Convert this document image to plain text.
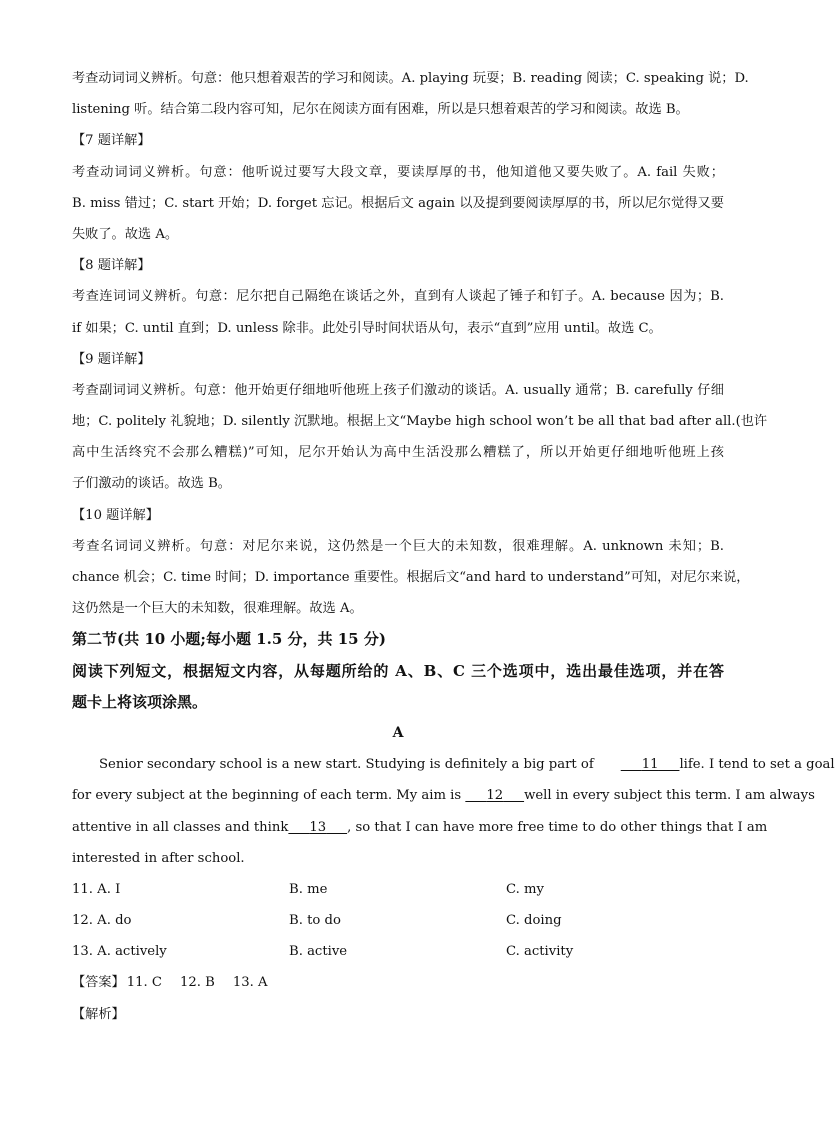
考查动词词义辨析。句意：他只想着艰苦的学习和阅读。A. playing 玩耍；B. reading 阅读；C. speaking 说；D.
listening 听。结合第二段内容可知，尼尔在阅读方面有困难，所以是只想着艰苦的学习和阅读。故选 B。
【7 题详解】
考查动词词义辨析。句意：他听说过要写大段文章，要读厚厚的书，他知道他又要失败了。A. fail 失败；
B. miss 错过；C. start 开始；D. forget 忘记。根据后文 again 以及提到要阅读厚厚的书，所以尼尔觉得又要
失败了。故选 A。
【8 题详解】
考查连词词义辨析。句意：尼尔把自己隔绝在谈话之外，直到有人谈起了锤子和钉子。A. because 因为；B.
if 如果；C. until 直到；D. unless 除非。此处引导时间状语从句，表示“直到”应用 until。故选 C。
【9 题详解】
考查副词词义辨析。句意：他开始更仔细地听他班上孩子们激动的谈话。A. usually 通常；B. carefully 仔细
地；C. politely 礼貌地；D. silently 沉默地。根据上文“Maybe high school won’t be all that bad after all.(也许
高中生活终究不会那么糟糕)”可知，尼尔开始认为高中生活没那么糟糕了，所以开始更仔细地听他班上孩
子们激动的谈话。故选 B。
【10 题详解】
考查名词词义辨析。句意：对尼尔来说，这仍然是一个巨大的未知数，很难理解。A. unknown 未知；B.
chance 机会；C. time 时间；D. importance 重要性。根据后文“and hard to understand”可知，对尼尔来说，
这仍然是一个巨大的未知数，很难理解。故选 A。
第二节(共 10 小题;每小题 1.5 分，共 15 分)
阅读下列短文，根据短文内容，从每题所给的 A、B、C 三个选项中，选出最佳选项，并在答
题卡上将该项涂黑。
A
Senior secondary school is a new start. Studying is definitely a big part of	11 life. I tend to set a goal
for every subject at the beginning of each term. My aim is 12 well in every subject this term. I am always
attentive in all classes and think 13 , so that I can have more free time to do other things that I am
interested in after school.
11. A. I	B. me	C. my
12. A. do	B. to do	C. doing
13. A. actively	B. active	C. activity
【答案】 11. C 12. B 13. A
【解析】
